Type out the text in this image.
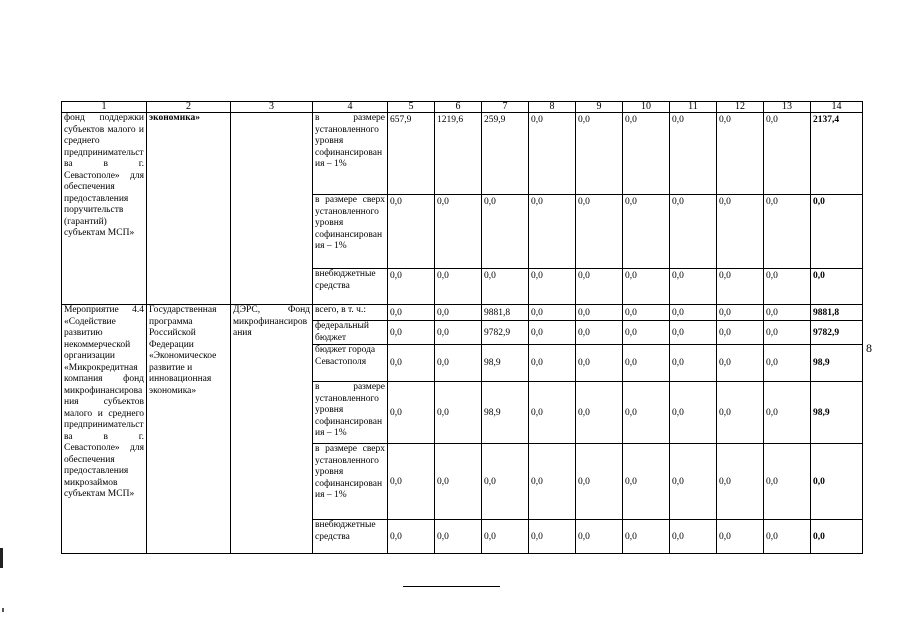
1	2	3	4	5	6	7	8	9	10	11	12	13	14
фонд поддержки субъектов малого и среднего предпринимательства в г. Севастополе» для обеспечения предоставления поручительств (гарантий) субъектам МСП»	экономика»		в размере установленного уровня софинансирования – 1%	657,9	1219,6	259,9	0,0	0,0	0,0	0,0	0,0	0,0	2137,4
			в размере сверх установленного уровня софинансирования – 1%	0,0	0,0	0,0	0,0	0,0	0,0	0,0	0,0	0,0	0,0
			внебюджетные средства	0,0	0,0	0,0	0,0	0,0	0,0	0,0	0,0	0,0	0,0
Мероприятие 4.4 «Содействие развитию некоммерческой организации «Микрокредитная компания фонд микрофинансирования субъектов малого и среднего предпринимательства в г. Севастополе» для обеспечения предоставления микрозаймов субъектам МСП»	Государственная программа Российской Федерации «Экономическое развитие и инновационная экономика»	ДЭРС, Фонд микрофинансирования	всего, в т. ч.:	0,0	0,0	9881,8	0,0	0,0	0,0	0,0	0,0	0,0	9881,8
			федеральный бюджет	0,0	0,0	9782,9	0,0	0,0	0,0	0,0	0,0	0,0	9782,9
			бюджет города Севастополя	0,0	0,0	98,9	0,0	0,0	0,0	0,0	0,0	0,0	98,9
			в размере установленного уровня софинансирования – 1%	0,0	0,0	98,9	0,0	0,0	0,0	0,0	0,0	0,0	98,9
			в размере сверх установленного уровня софинансирования – 1%	0,0	0,0	0,0	0,0	0,0	0,0	0,0	0,0	0,0	0,0
			внебюджетные средства	0,0	0,0	0,0	0,0	0,0	0,0	0,0	0,0	0,0	0,0
8
